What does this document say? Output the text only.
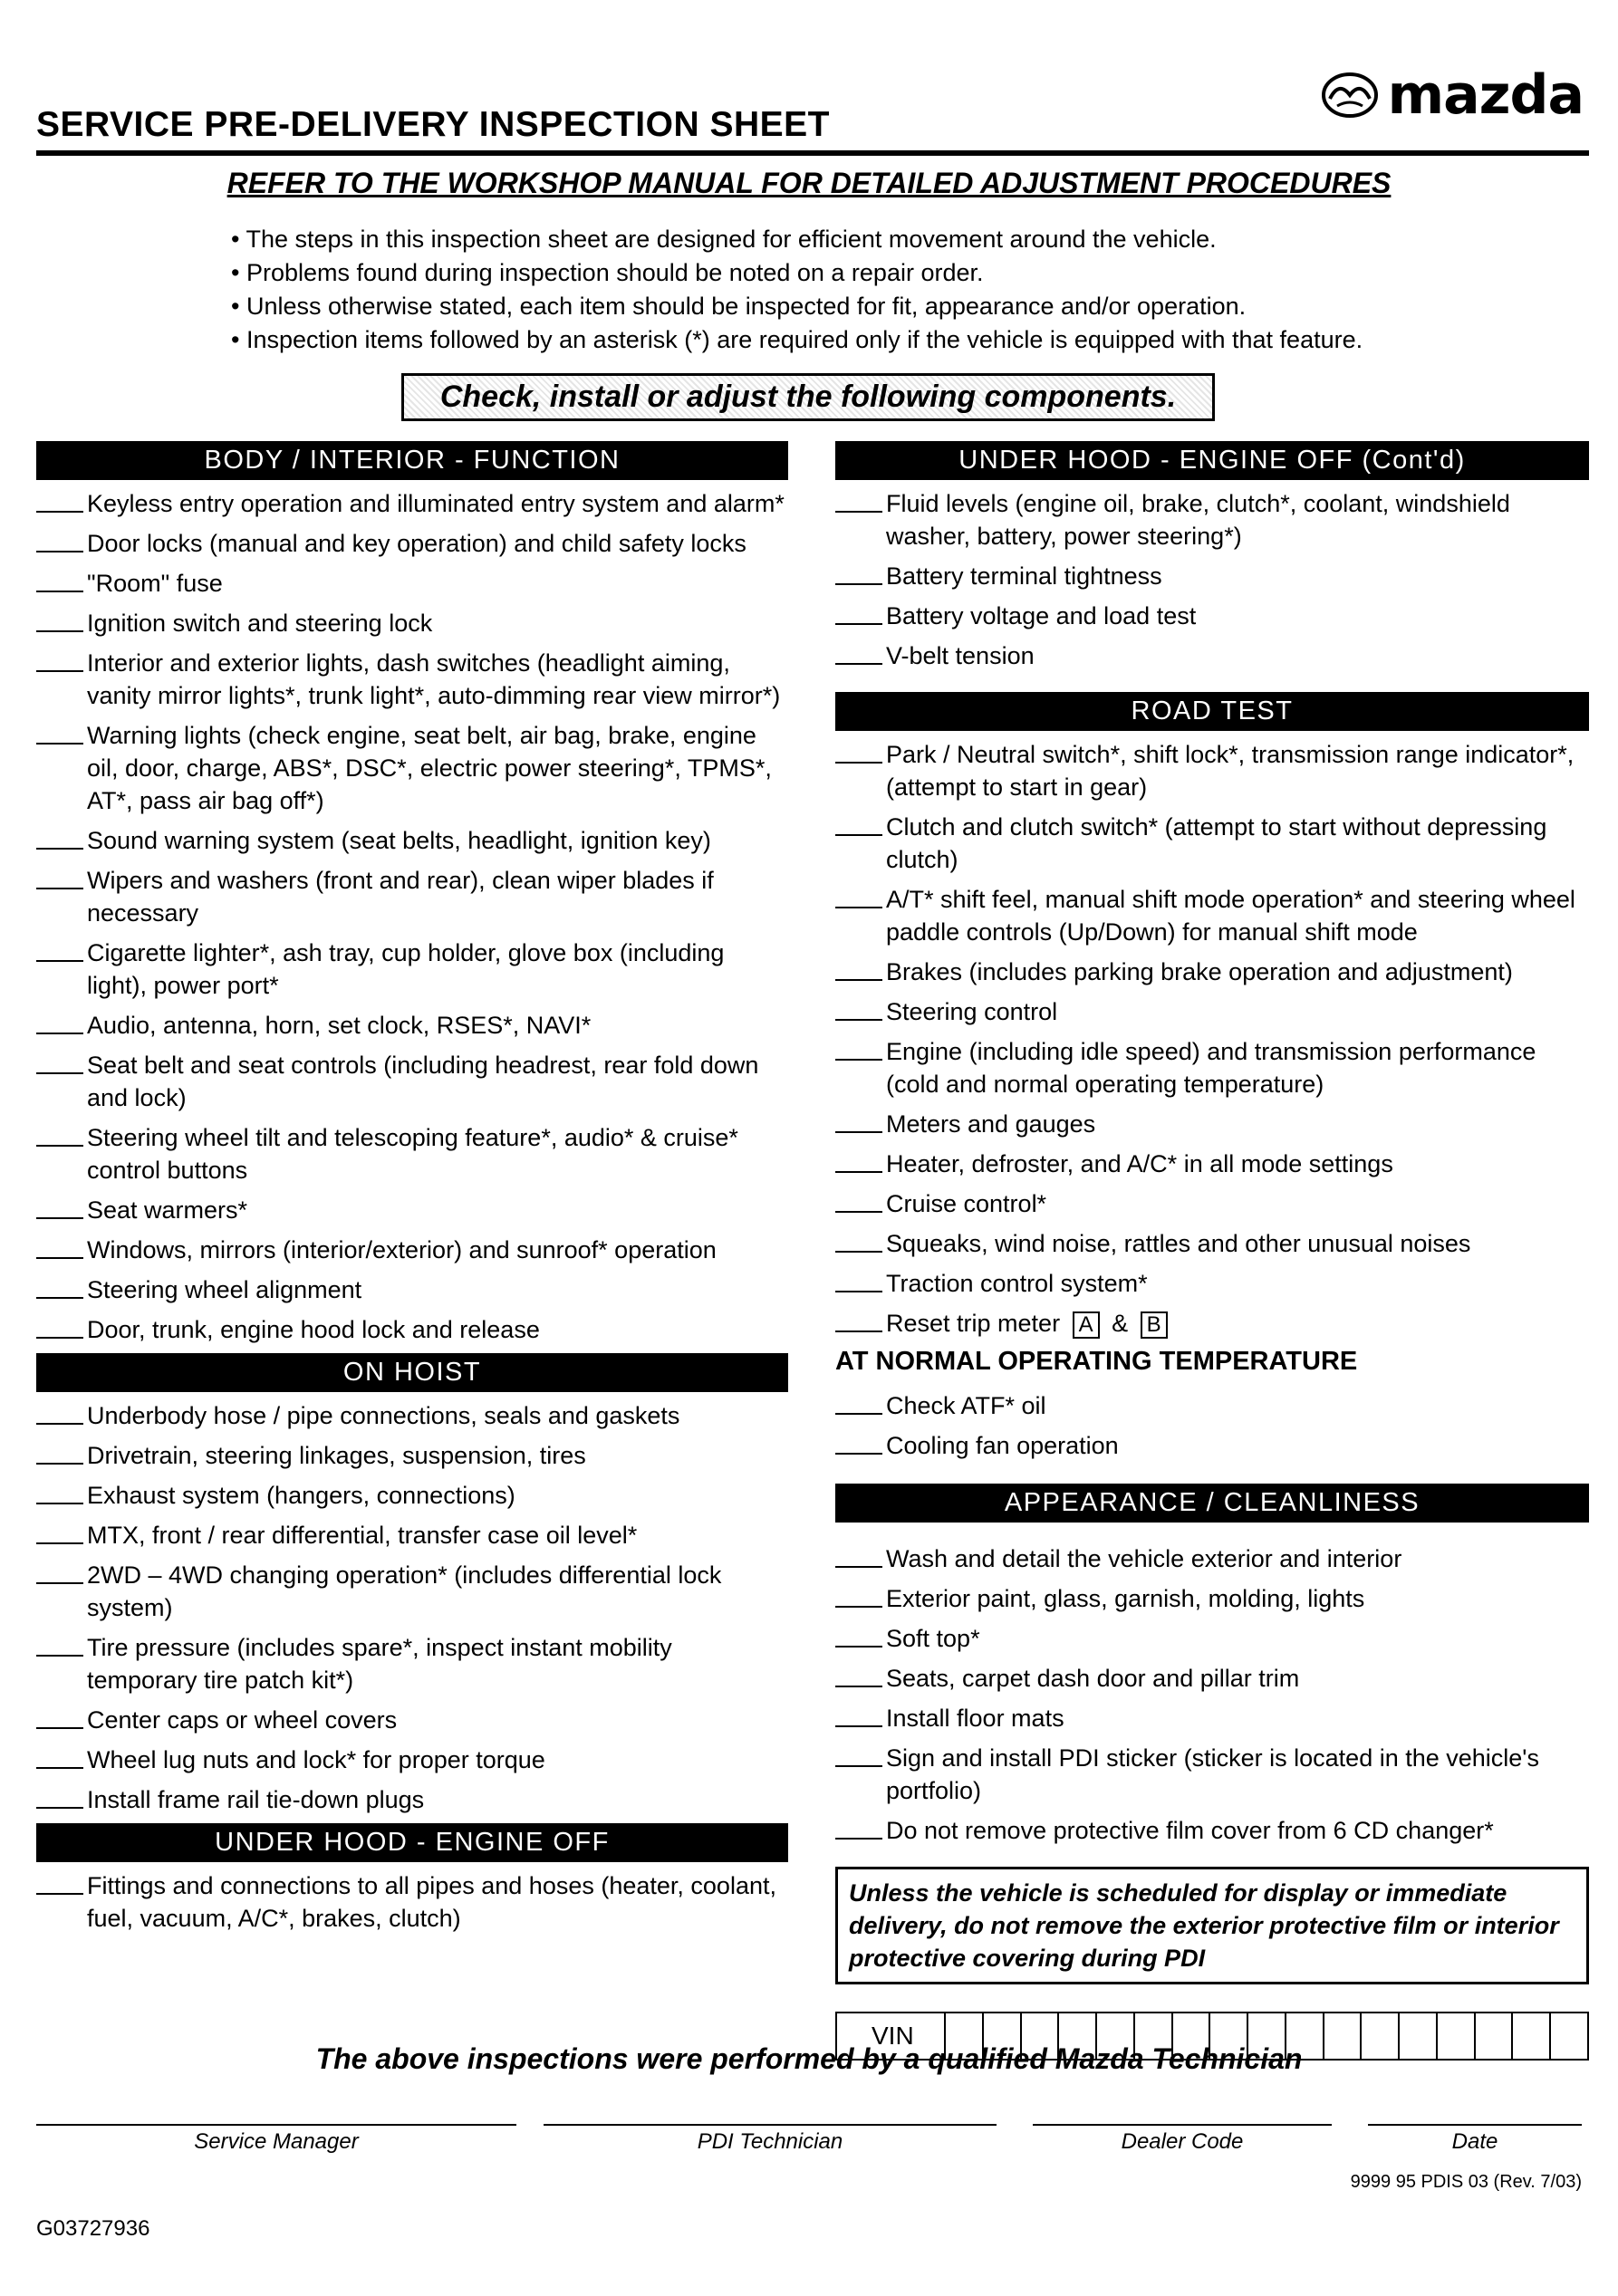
SERVICE PRE-DELIVERY INSPECTION SHEET	mazda
REFER TO THE WORKSHOP MANUAL FOR DETAILED ADJUSTMENT PROCEDURES
• The steps in this inspection sheet are designed for efficient movement around the vehicle.
• Problems found during inspection should be noted on a repair order.
• Unless otherwise stated, each item should be inspected for fit, appearance and/or operation.
• Inspection items followed by an asterisk (*) are required only if the vehicle is equipped with that feature.
Check, install or adjust the following components.
BODY / INTERIOR - FUNCTION
Keyless entry operation and illuminated entry system and alarm*
Door locks (manual and key operation) and child safety locks
"Room" fuse
Ignition switch and steering lock
Interior and exterior lights, dash switches (headlight aiming, vanity mirror lights*, trunk light*, auto-dimming rear view mirror*)
Warning lights (check engine, seat belt, air bag, brake, engine oil, door, charge, ABS*, DSC*, electric power steering*, TPMS*, AT*, pass air bag off*)
Sound warning system (seat belts, headlight, ignition key)
Wipers and washers (front and rear), clean wiper blades if necessary
Cigarette lighter*, ash tray, cup holder, glove box (including light), power port*
Audio, antenna, horn, set clock, RSES*, NAVI*
Seat belt and seat controls (including headrest, rear fold down and lock)
Steering wheel tilt and telescoping feature*, audio* & cruise* control buttons
Seat warmers*
Windows, mirrors (interior/exterior) and sunroof* operation
Steering wheel alignment
Door, trunk, engine hood lock and release
ON HOIST
Underbody hose / pipe connections, seals and gaskets
Drivetrain, steering linkages, suspension, tires
Exhaust system (hangers, connections)
MTX, front / rear differential, transfer case oil level*
2WD – 4WD changing operation* (includes differential lock system)
Tire pressure (includes spare*, inspect instant mobility temporary tire patch kit*)
Center caps or wheel covers
Wheel lug nuts and lock* for proper torque
Install frame rail tie-down plugs
UNDER HOOD - ENGINE OFF
Fittings and connections to all pipes and hoses (heater, coolant, fuel, vacuum, A/C*, brakes, clutch)
UNDER HOOD - ENGINE OFF (Cont'd)
Fluid levels (engine oil, brake, clutch*, coolant, windshield washer, battery, power steering*)
Battery terminal tightness
Battery voltage and load test
V-belt tension
ROAD TEST
Park / Neutral switch*, shift lock*, transmission range indicator*, (attempt to start in gear)
Clutch and clutch switch* (attempt to start without depressing clutch)
A/T* shift feel, manual shift mode operation* and steering wheel paddle controls (Up/Down) for manual shift mode
Brakes (includes parking brake operation and adjustment)
Steering control
Engine (including idle speed) and transmission performance (cold and normal operating temperature)
Meters and gauges
Heater, defroster, and A/C* in all mode settings
Cruise control*
Squeaks, wind noise, rattles and other unusual noises
Traction control system*
Reset trip meter A & B
AT NORMAL OPERATING TEMPERATURE
Check ATF* oil
Cooling fan operation
APPEARANCE / CLEANLINESS
Wash and detail the vehicle exterior and interior
Exterior paint, glass, garnish, molding, lights
Soft top*
Seats, carpet dash door and pillar trim
Install floor mats
Sign and install PDI sticker (sticker is located in the vehicle's portfolio)
Do not remove protective film cover from 6 CD changer*
Unless the vehicle is scheduled for display or immediate delivery, do not remove the exterior protective film or interior protective covering during PDI
VIN
The above inspections were performed by a qualified Mazda Technician
Service Manager	PDI Technician	Dealer Code	Date
9999 95 PDIS 03 (Rev. 7/03)
G03727936
